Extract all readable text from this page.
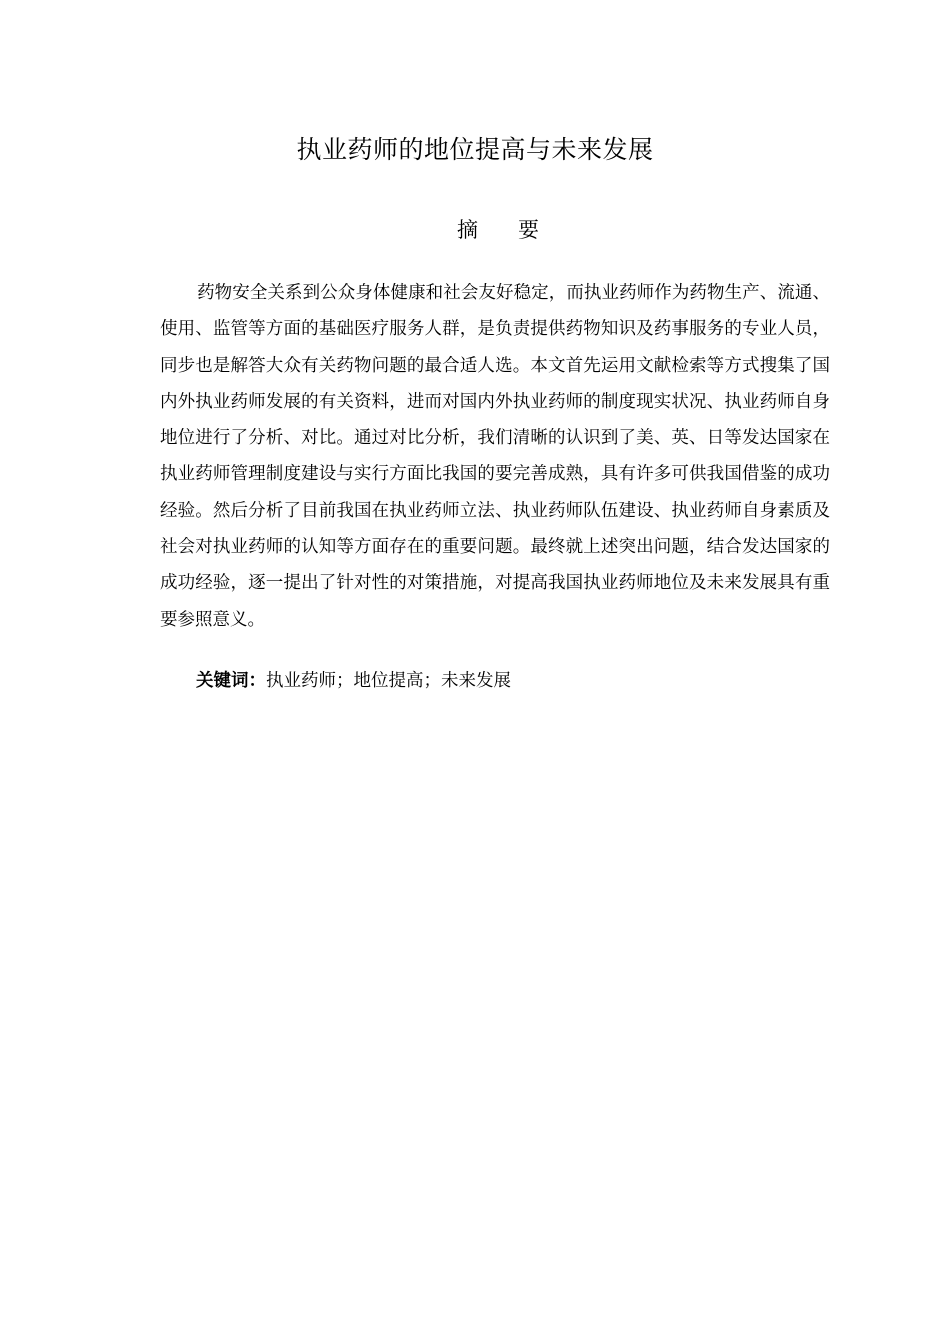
执业药师的地位提高与未来发展
摘 要

药物安全关系到公众身体健康和社会友好稳定，而执业药师作为药物生产、流通、使用、监管等方面的基础医疗服务人群，是负责提供药物知识及药事服务的专业人员，同步也是解答大众有关药物问题的最合适人选。本文首先运用文献检索等方式搜集了国内外执业药师发展的有关资料，进而对国内外执业药师的制度现实状况、执业药师自身地位进行了分析、对比。通过对比分析，我们清晰的认识到了美、英、日等发达国家在执业药师管理制度建设与实行方面比我国的要完善成熟，具有许多可供我国借鉴的成功经验。然后分析了目前我国在执业药师立法、执业药师队伍建设、执业药师自身素质及社会对执业药师的认知等方面存在的重要问题。最终就上述突出问题，结合发达国家的成功经验，逐一提出了针对性的对策措施，对提高我国执业药师地位及未来发展具有重要参照意义。

关键词：执业药师；地位提高；未来发展
